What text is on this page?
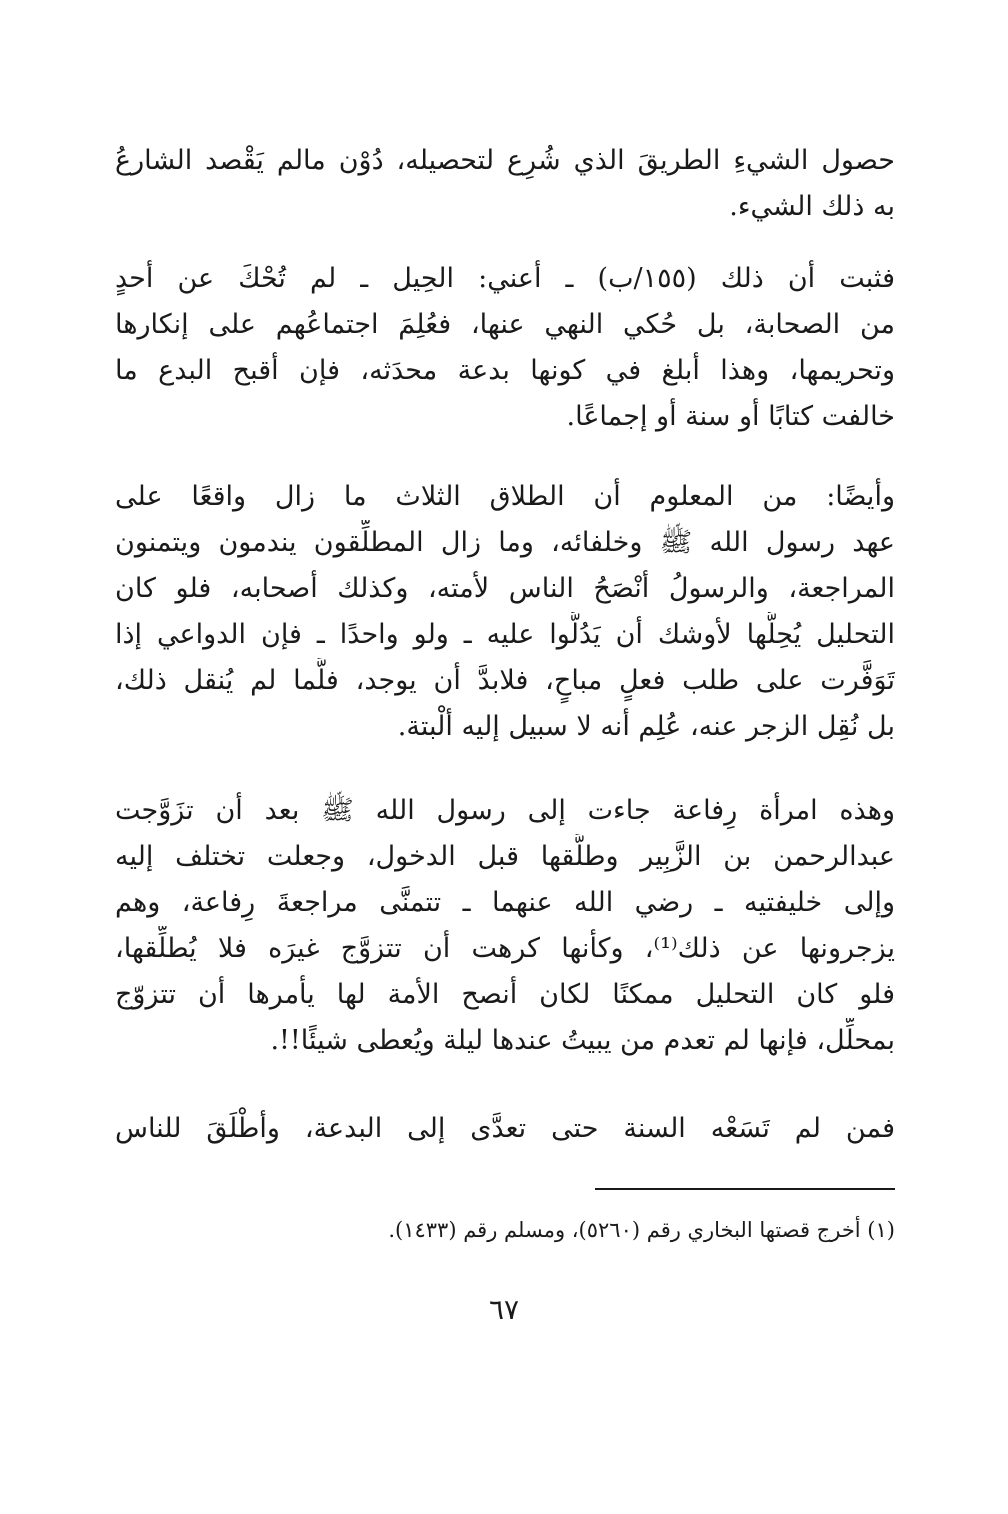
حصول الشيءِ الطريقَ الذي شُرِع لتحصيله، دُوْن مالم يَقْصد الشارعُ
به ذلك الشيء.
فثبت أن ذلك (١٥٥/ب) ـ أعني: الحِيل ـ لم تُحْكَ عن أحدٍ
من الصحابة، بل حُكي النهي عنها، فعُلِمَ اجتماعُهم على إنكارها
وتحريمها، وهذا أبلغ في كونها بدعة محدَثه، فإن أقبح البدع ما
خالفت كتابًا أو سنة أو إجماعًا.
وأيضًا: من المعلوم أن الطلاق الثلاث ما زال واقعًا على
عهد رسول الله ﷺ وخلفائه، وما زال المطلِّقون يندمون ويتمنون
المراجعة، والرسولُ أنْصَحُ الناس لأمته، وكذلك أصحابه، فلو كان
التحليل يُحِلُّها لأوشك أن يَدُلُّوا عليه ـ ولو واحدًا ـ فإن الدواعي إذا
تَوَفَّرت على طلب فعلٍ مباحٍ، فلابدَّ أن يوجد، فلَّما لم يُنقل ذلك،
بل نُقِل الزجر عنه، عُلِم أنه لا سبيل إليه ألْبتة.
وهذه امرأة رِفاعة جاءت إلى رسول الله ﷺ بعد أن تزَوَّجت
عبدالرحمن بن الزَّبِير وطلَّقها قبل الدخول، وجعلت تختلف إليه
وإلى خليفتيه ـ رضي الله عنهما ـ تتمنَّى مراجعةَ رِفاعة، وهم
يزجرونها عن ذلك⁽¹⁾، وكأنها كرهت أن تتزوَّج غيرَه فلا يُطلِّقها،
فلو كان التحليل ممكنًا لكان أنصح الأمة لها يأمرها أن تتزوّج
بمحلِّل، فإنها لم تعدم من يبيتُ عندها ليلة ويُعطى شيئًا!!.
فمن لم تَسَعْه السنة حتى تعدَّى إلى البدعة، وأطْلَقَ للناس
(١) أخرج قصتها البخاري رقم (٥٢٦٠)، ومسلم رقم (١٤٣٣).
٦٧
